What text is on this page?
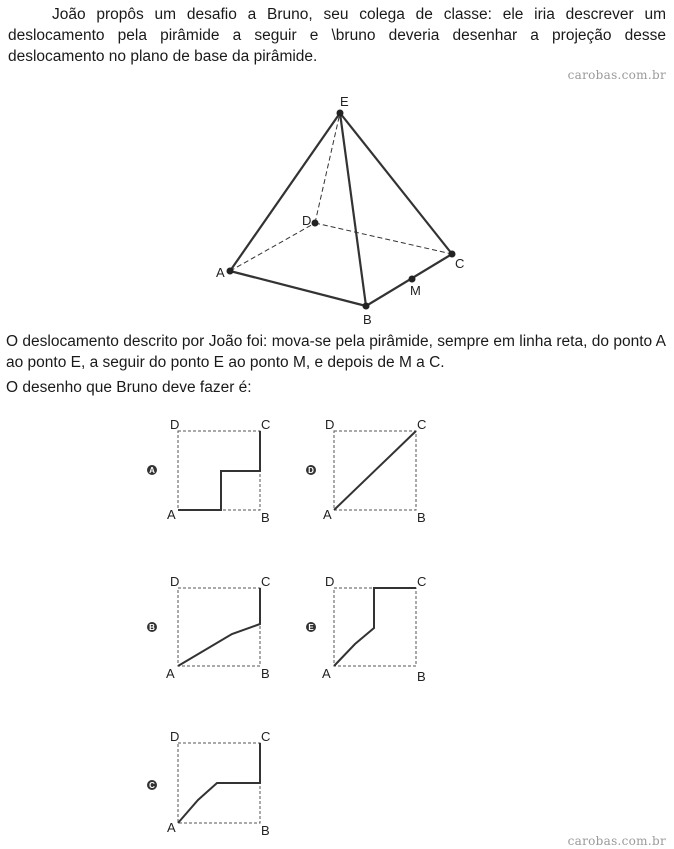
João propôs um desafio a Bruno, seu colega de classe: ele iria descrever um deslocamento pela pirâmide a seguir e \bruno deveria desenhar a projeção desse deslocamento no plano de base da pirâmide.

carobas.com.br
E
D
A
C
M
B
A
D	C
A	B
D
D	C
A	B
B
D	C
A	B
E
D	C
A	B
C
D	C
A	B

O deslocamento descrito por João foi: mova-se pela pirâmide, sempre em linha reta, do ponto A ao ponto E, a seguir do ponto E ao ponto M, e depois de M a C.

O desenho que Bruno deve fazer é:

carobas.com.br
